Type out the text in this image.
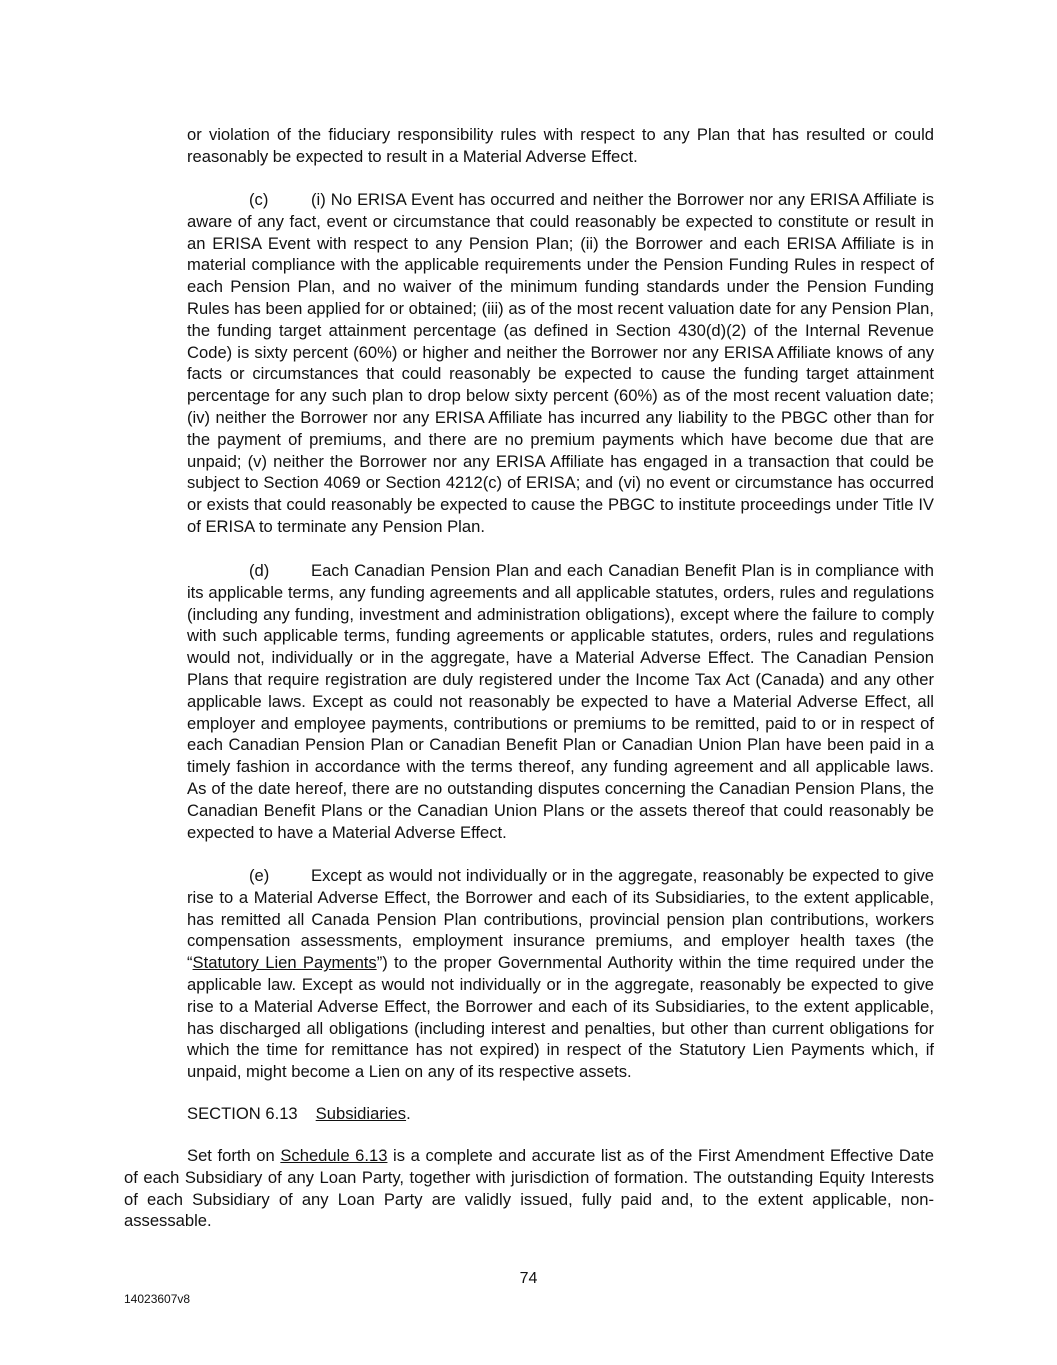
or violation of the fiduciary responsibility rules with respect to any Plan that has resulted or could reasonably be expected to result in a Material Adverse Effect.

(c)	(i) No ERISA Event has occurred and neither the Borrower nor any ERISA Affiliate is aware of any fact, event or circumstance that could reasonably be expected to constitute or result in an ERISA Event with respect to any Pension Plan; (ii) the Borrower and each ERISA Affiliate is in material compliance with the applicable requirements under the Pension Funding Rules in respect of each Pension Plan, and no waiver of the minimum funding standards under the Pension Funding Rules has been applied for or obtained; (iii) as of the most recent valuation date for any Pension Plan, the funding target attainment percentage (as defined in Section 430(d)(2) of the Internal Revenue Code) is sixty percent (60%) or higher and neither the Borrower nor any ERISA Affiliate knows of any facts or circumstances that could reasonably be expected to cause the funding target attainment percentage for any such plan to drop below sixty percent (60%) as of the most recent valuation date; (iv) neither the Borrower nor any ERISA Affiliate has incurred any liability to the PBGC other than for the payment of premiums, and there are no premium payments which have become due that are unpaid; (v) neither the Borrower nor any ERISA Affiliate has engaged in a transaction that could be subject to Section 4069 or Section 4212(c) of ERISA; and (vi) no event or circumstance has occurred or exists that could reasonably be expected to cause the PBGC to institute proceedings under Title IV of ERISA to terminate any Pension Plan.

(d)	Each Canadian Pension Plan and each Canadian Benefit Plan is in compliance with its applicable terms, any funding agreements and all applicable statutes, orders, rules and regulations (including any funding, investment and administration obligations), except where the failure to comply with such applicable terms, funding agreements or applicable statutes, orders, rules and regulations would not, individually or in the aggregate, have a Material Adverse Effect. The Canadian Pension Plans that require registration are duly registered under the Income Tax Act (Canada) and any other applicable laws. Except as could not reasonably be expected to have a Material Adverse Effect, all employer and employee payments, contributions or premiums to be remitted, paid to or in respect of each Canadian Pension Plan or Canadian Benefit Plan or Canadian Union Plan have been paid in a timely fashion in accordance with the terms thereof, any funding agreement and all applicable laws. As of the date hereof, there are no outstanding disputes concerning the Canadian Pension Plans, the Canadian Benefit Plans or the Canadian Union Plans or the assets thereof that could reasonably be expected to have a Material Adverse Effect.

(e)	Except as would not individually or in the aggregate, reasonably be expected to give rise to a Material Adverse Effect, the Borrower and each of its Subsidiaries, to the extent applicable, has remitted all Canada Pension Plan contributions, provincial pension plan contributions, workers compensation assessments, employment insurance premiums, and employer health taxes (the “Statutory Lien Payments”) to the proper Governmental Authority within the time required under the applicable law. Except as would not individually or in the aggregate, reasonably be expected to give rise to a Material Adverse Effect, the Borrower and each of its Subsidiaries, to the extent applicable, has discharged all obligations (including interest and penalties, but other than current obligations for which the time for remittance has not expired) in respect of the Statutory Lien Payments which, if unpaid, might become a Lien on any of its respective assets.

SECTION 6.13 Subsidiaries.

Set forth on Schedule 6.13 is a complete and accurate list as of the First Amendment Effective Date of each Subsidiary of any Loan Party, together with jurisdiction of formation. The outstanding Equity Interests of each Subsidiary of any Loan Party are validly issued, fully paid and, to the extent applicable, non-assessable.

74

14023607v8
